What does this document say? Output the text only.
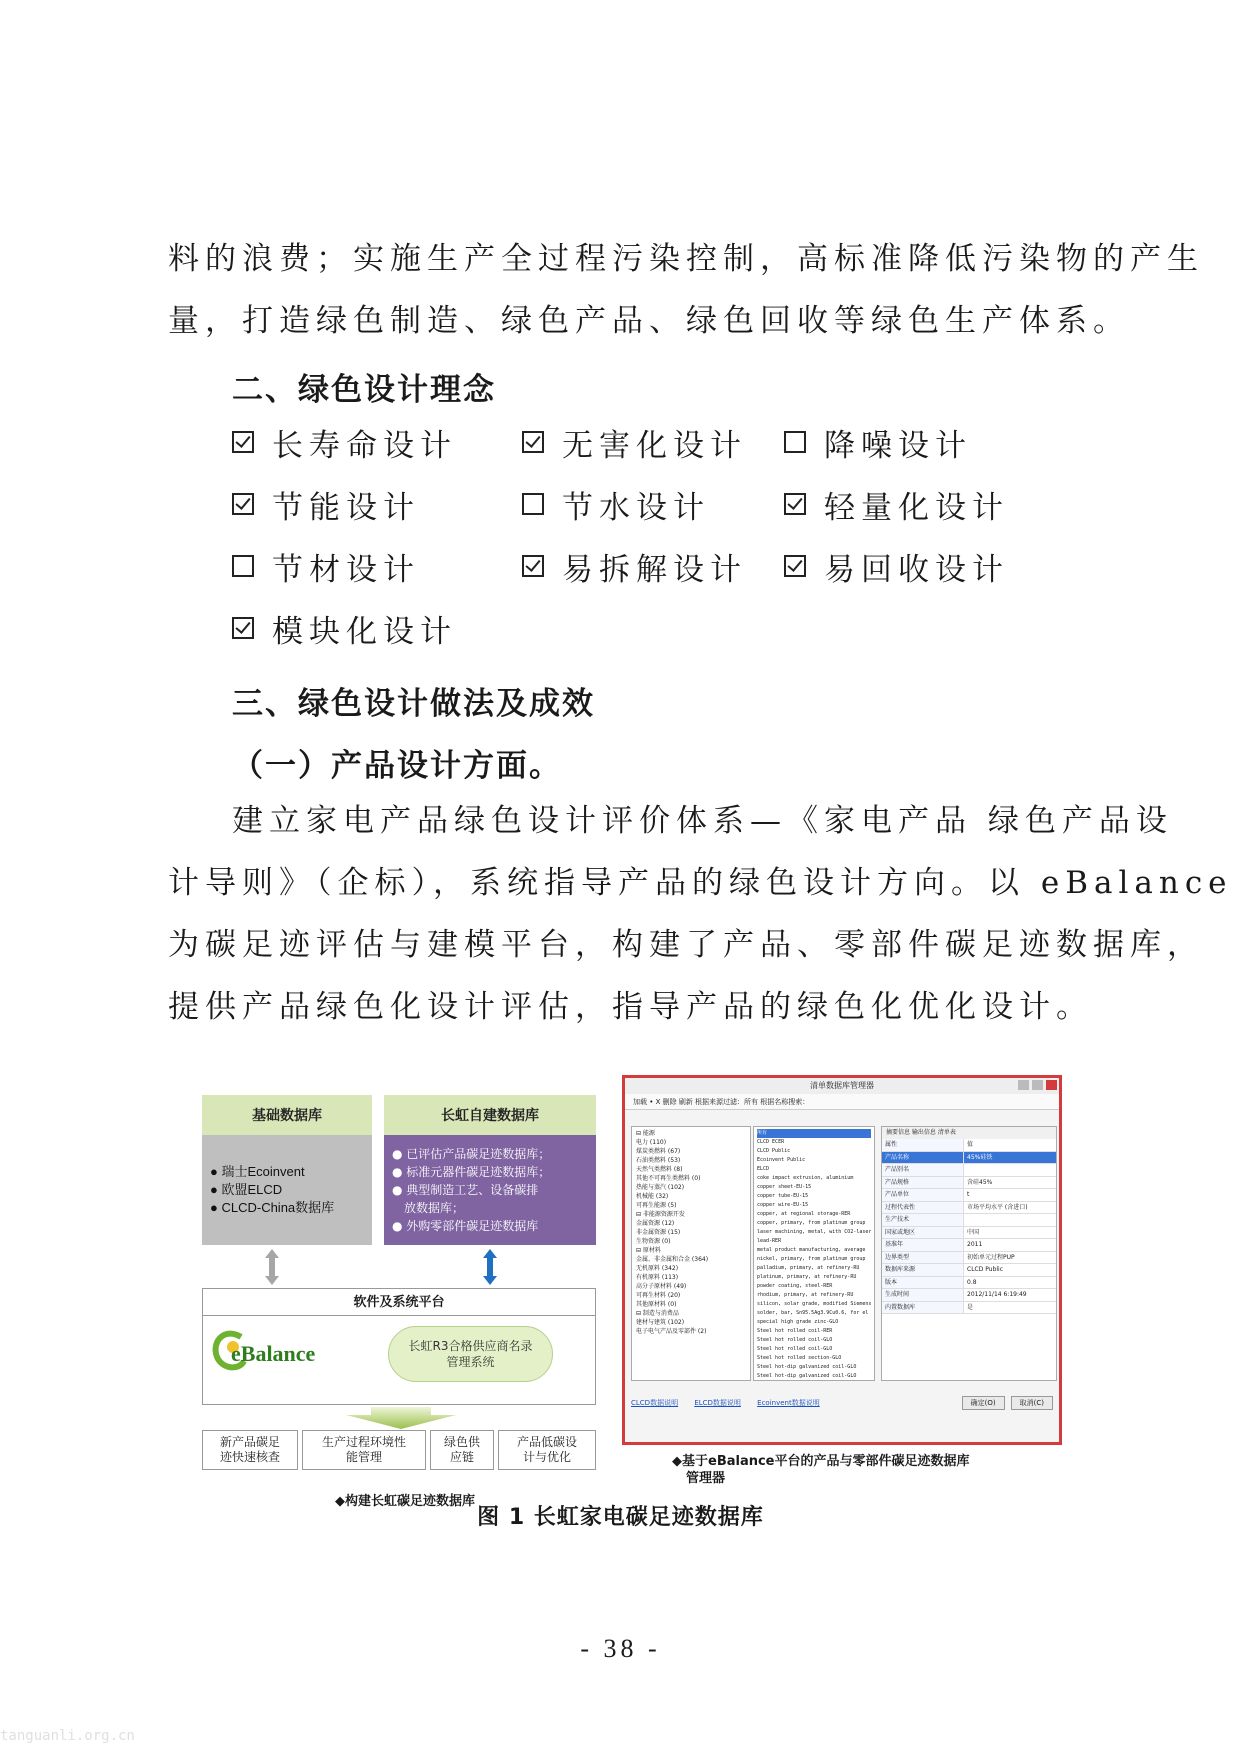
料的浪费；实施生产全过程污染控制，高标准降低污染物的产生
量，打造绿色制造、绿色产品、绿色回收等绿色生产体系。
二、绿色设计理念
长寿命设计	无害化设计 降噪设计
节能设计	节水设计	轻量化设计
节材设计	易拆解设计 易回收设计
模块化设计
三、绿色设计做法及成效
（一）产品设计方面。
建立家电产品绿色设计评价体系—《家电产品 绿色产品设
计导则》（企标），系统指导产品的绿色设计方向。以 eBalance
为碳足迹评估与建模平台，构建了产品、零部件碳足迹数据库，
提供产品绿色化设计评估，指导产品的绿色化优化设计。
基础数据库	长虹自建数据库
● 瑞士Ecoinvent
● 欧盟ELCD
● CLCD-China数据库
● 已评估产品碳足迹数据库；
● 标准元器件碳足迹数据库；
● 典型制造工艺、设备碳排
放数据库；
● 外购零部件碳足迹数据库
软件及系统平台
eBalance	长虹R3合格供应商名录
管理系统
新产品碳足
迹快速核查
生产过程环境性
能管理
绿色供
应链
产品低碳设
计与优化
◆构建长虹碳足迹数据库
清单数据库管理器
加载 • X 删除 刷新 根据来源过滤：所有 根据名称搜索：
⊟ 能源
电力 (110)
煤炭类燃料 (67)
石油类燃料 (53)
天然气类燃料 (8)
其他不可再生类燃料 (0)
热能与蒸汽 (102)
机械能 (32)
可再生能源 (5)
⊟ 非能源资源开发
金属资源 (12)
非金属资源 (15)
生物资源 (0)
⊟ 原材料
金属、非金属和合金 (364)
无机原料 (342)
有机原料 (113)
高分子原材料 (49)
可再生材料 (20)
其他原材料 (0)
⊟ 制造与消费品
建材与建筑 (102)
电子电气产品及零部件 (2)
所有
CLCD ECER
CLCD Public
Ecoinvent Public
ELCD
coke impact extrusion, aluminium
copper sheet-EU-15
copper tube-EU-15
copper wire-EU-15
copper, at regional storage-RER
copper, primary, from platinum group
laser machining, metal, with CO2-laser
lead-RER
metal product manufacturing, average
nickel, primary, from platinum group
palladium, primary, at refinery-RU
platinum, primary, at refinery-RU
powder coating, steel-RER
rhodium, primary, at refinery-RU
silicon, solar grade, modified Siemens
solder, bar, Sn95.5Ag3.9Cu0.6, for el
special high grade zinc-GLO
Steel hot rolled coil-RER
Steel hot rolled coil-GLO
Steel hot rolled coil-GLO
Steel hot rolled section-GLO
Steel hot-dip galvanized coil-GLO
Steel hot-dip galvanized coil-GLO
摘要信息 输出信息 清单表
属性	值
产品名称	45%硅铁
产品别名
产品规格	含硅45%
产品单位	t
过程代表性	市场平均水平 (含进口)
生产技术
国家或地区	中国
基准年	2011
边界类型	初始单元过程PUP
数据库来源	CLCD Public
版本	0.8
生成时间	2012/11/14 6:19:49
内置数据库	是
CLCD数据说明 ELCD数据说明 Ecoinvent数据说明	确定(O)	取消(C)
◆基于eBalance平台的产品与零部件碳足迹数据库
管理器
图 1 长虹家电碳足迹数据库
- 38 -
tanguanli.org.cn
